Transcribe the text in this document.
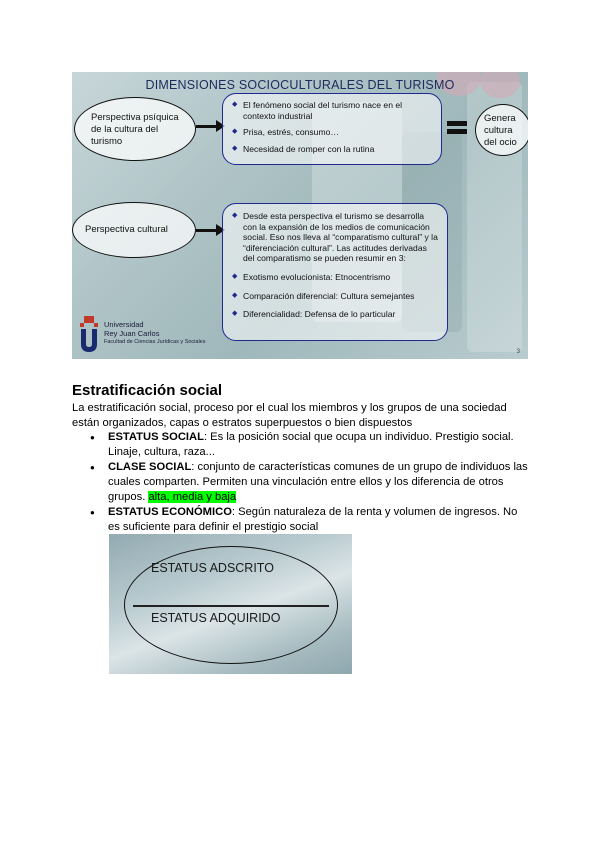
DIMENSIONES SOCIOCULTURALES DEL TURISMO
Perspectiva psíquica
de la cultura del
turismo
◆ El fenómeno social del turismo nace en el contexto industrial
◆ Prisa, estrés, consumo…
◆ Necesidad de romper con la rutina
Genera
cultura
del ocio
Perspectiva cultural
◆ Desde esta perspectiva el turismo se desarrolla con la expansión de los medios de comunicación social. Eso nos lleva al “comparatismo cultural” y la “diferenciación cultural”. Las actitudes derivadas del comparatismo se pueden resumir en 3:
◆ Exotismo evolucionista: Etnocentrismo
◆ Comparación diferencial: Cultura semejantes
◆ Diferencialidad: Defensa de lo particular
Universidad
Rey Juan Carlos
Facultad de Ciencias Jurídicas y Sociales
3
Estratificación social
La estratificación social, proceso por el cual los miembros y los grupos de una sociedad están organizados, capas o estratos superpuestos o bien dispuestos
● ESTATUS SOCIAL: Es la posición social que ocupa un individuo. Prestigio social. Linaje, cultura, raza...
● CLASE SOCIAL: conjunto de características comunes de un grupo de individuos las cuales comparten. Permiten una vinculación entre ellos y los diferencia de otros grupos. alta, media y baja
● ESTATUS ECONÓMICO: Según naturaleza de la renta y volumen de ingresos. No es suficiente para definir el prestigio social
ESTATUS ADSCRITO
ESTATUS ADQUIRIDO
